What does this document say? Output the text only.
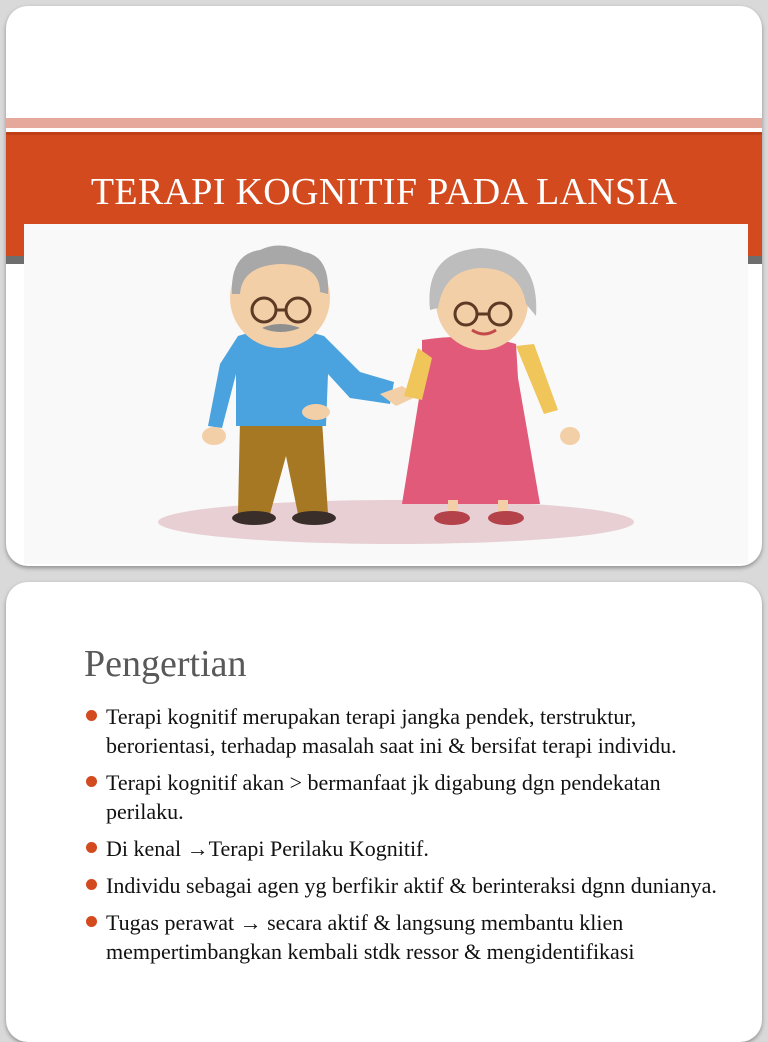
TERAPI KOGNITIF PADA LANSIA
Pengertian
Terapi kognitif merupakan terapi jangka pendek, terstruktur, berorientasi, terhadap masalah saat ini & bersifat terapi individu.
Terapi kognitif akan > bermanfaat jk digabung dgn pendekatan perilaku.
Di kenal →Terapi Perilaku Kognitif.
Individu sebagai agen yg berfikir aktif & berinteraksi dgnn dunianya.
Tugas perawat → secara aktif & langsung membantu klien mempertimbangkan kembali stdk ressor & mengidentifikasi
